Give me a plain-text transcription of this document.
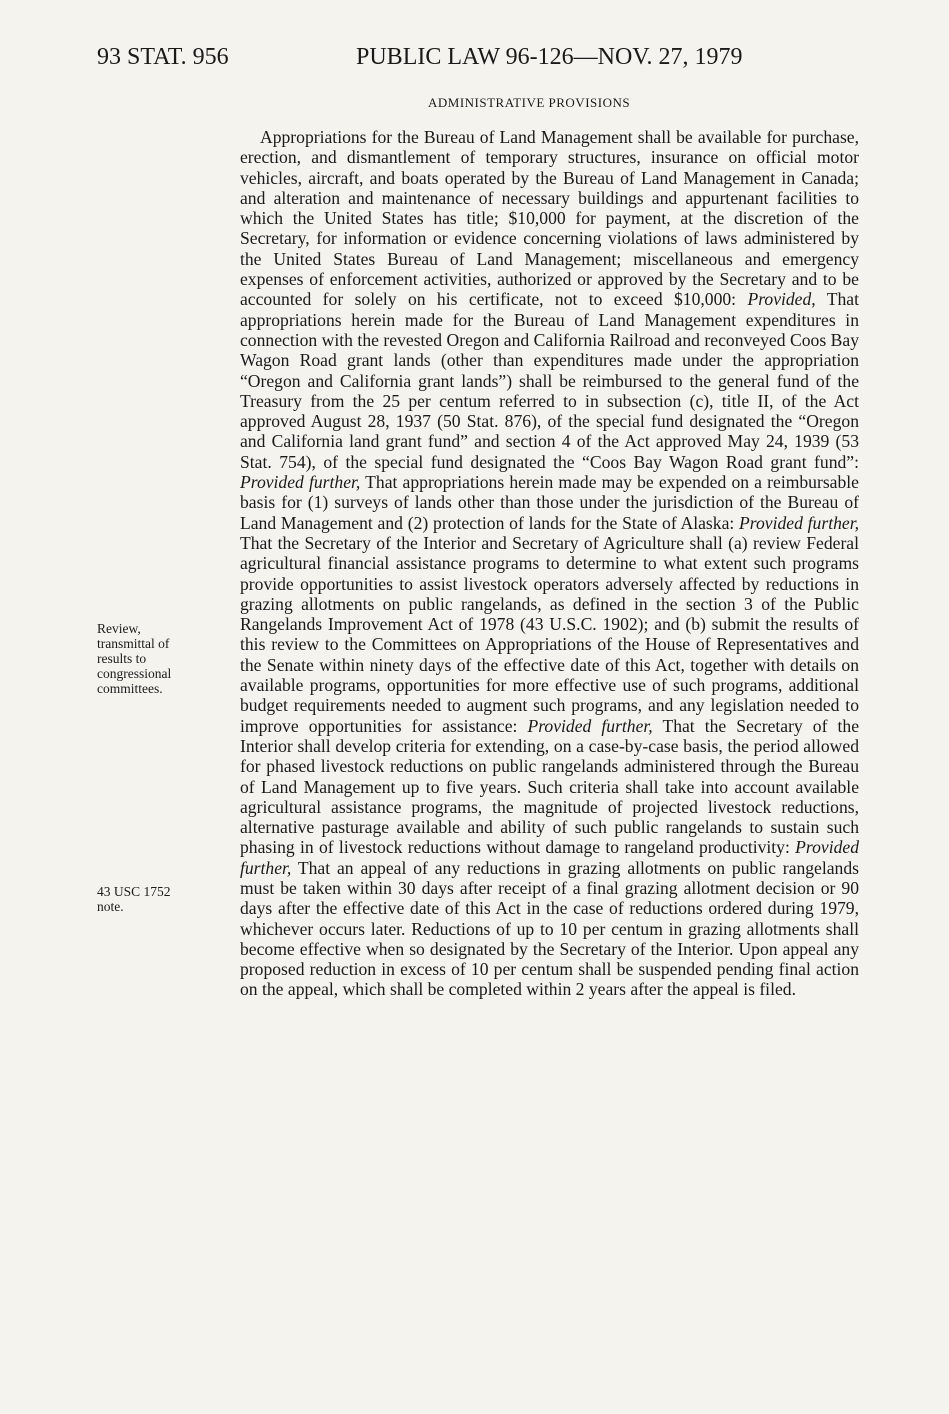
93 STAT. 956	PUBLIC LAW 96-126—NOV. 27, 1979
ADMINISTRATIVE PROVISIONS
Review,
transmittal of
results to
congressional
committees.
43 USC 1752
note.

Appropriations for the Bureau of Land Management shall be available for purchase, erection, and dismantlement of temporary structures, insurance on official motor vehicles, aircraft, and boats operated by the Bureau of Land Management in Canada; and alteration and maintenance of necessary buildings and appurtenant facilities to which the United States has title; $10,000 for payment, at the discretion of the Secretary, for information or evidence concerning violations of laws administered by the United States Bureau of Land Management; miscellaneous and emergency expenses of enforcement activities, authorized or approved by the Secretary and to be accounted for solely on his certificate, not to exceed $10,000: Provided, That appropriations herein made for the Bureau of Land Management expenditures in connection with the revested Oregon and California Railroad and reconveyed Coos Bay Wagon Road grant lands (other than expenditures made under the appropriation “Oregon and California grant lands”) shall be reimbursed to the general fund of the Treasury from the 25 per centum referred to in subsection (c), title II, of the Act approved August 28, 1937 (50 Stat. 876), of the special fund designated the “Oregon and California land grant fund” and section 4 of the Act approved May 24, 1939 (53 Stat. 754), of the special fund designated the “Coos Bay Wagon Road grant fund”: Provided further, That appropriations herein made may be expended on a reimbursable basis for (1) surveys of lands other than those under the jurisdiction of the Bureau of Land Management and (2) protection of lands for the State of Alaska: Provided further, That the Secretary of the Interior and Secretary of Agriculture shall (a) review Federal agricultural financial assistance programs to determine to what extent such programs provide opportunities to assist livestock operators adversely affected by reductions in grazing allotments on public rangelands, as defined in the section 3 of the Public Rangelands Improvement Act of 1978 (43 U.S.C. 1902); and (b) submit the results of this review to the Committees on Appropriations of the House of Representatives and the Senate within ninety days of the effective date of this Act, together with details on available programs, opportunities for more effective use of such programs, additional budget requirements needed to augment such programs, and any legislation needed to improve opportunities for assistance: Provided further, That the Secretary of the Interior shall develop criteria for extending, on a case-by-case basis, the period allowed for phased livestock reductions on public rangelands administered through the Bureau of Land Management up to five years. Such criteria shall take into account available agricultural assistance programs, the magnitude of projected livestock reductions, alternative pasturage available and ability of such public rangelands to sustain such phasing in of livestock reductions without damage to rangeland productivity: Provided further, That an appeal of any reductions in grazing allotments on public rangelands must be taken within 30 days after receipt of a final grazing allotment decision or 90 days after the effective date of this Act in the case of reductions ordered during 1979, whichever occurs later. Reductions of up to 10 per centum in grazing allotments shall become effective when so designated by the Secretary of the Interior. Upon appeal any proposed reduction in excess of 10 per centum shall be suspended pending final action on the appeal, which shall be completed within 2 years after the appeal is filed.
